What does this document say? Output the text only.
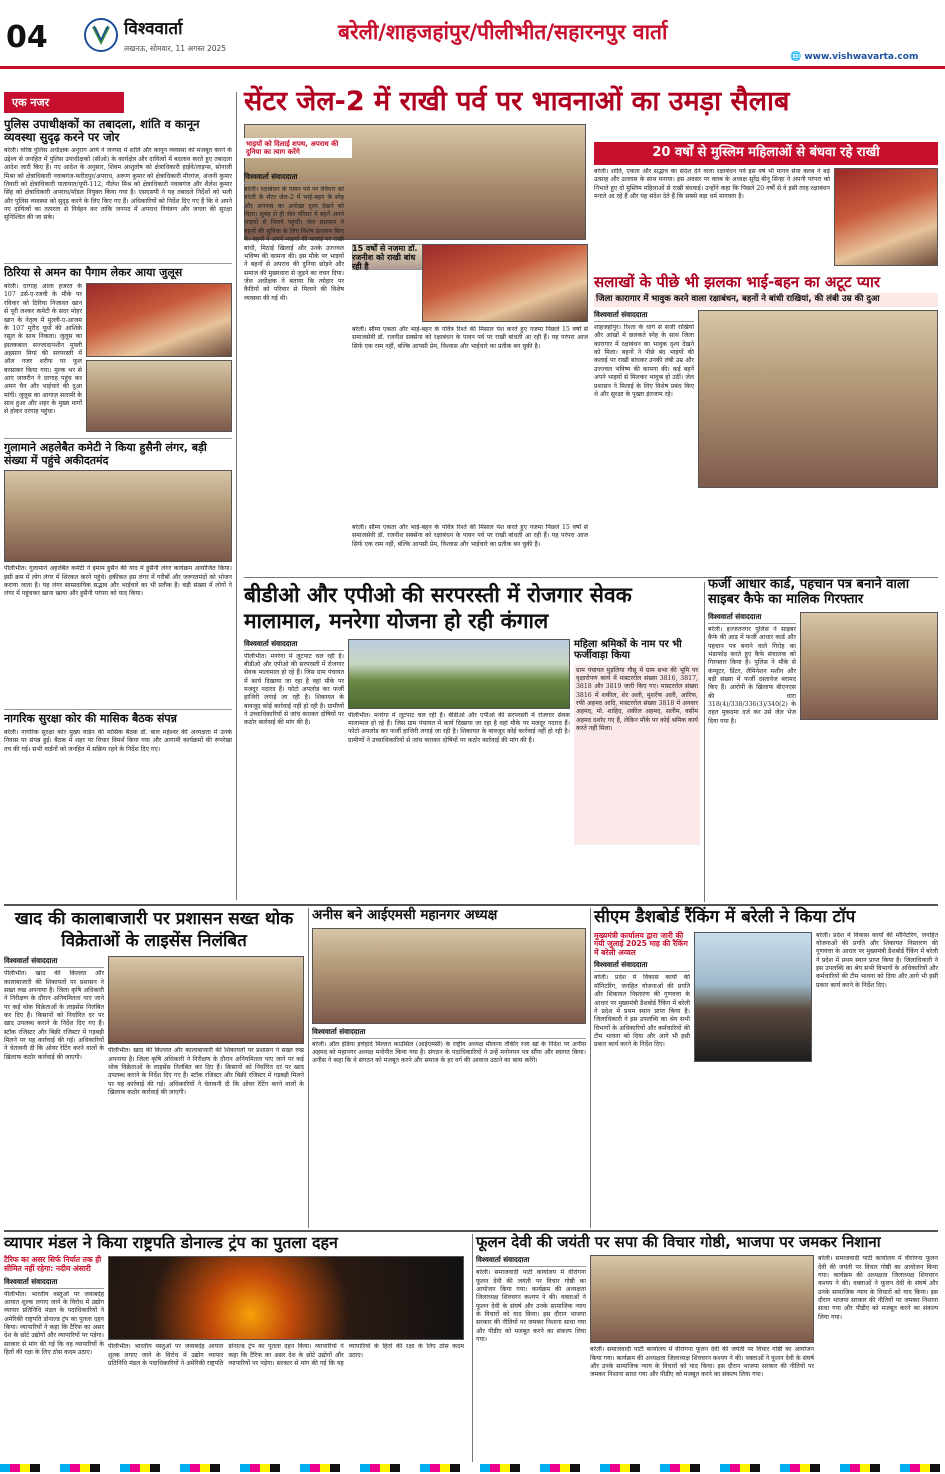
04	विश्ववार्ता
लखनऊ, सोमवार, 11 अगस्त 2025
बरेली/शाहजहांपुर/पीलीभीत/सहारनपुर वार्ता
🌐 www.vishwavarta.com
एक नजर
पुलिस उपाधीक्षकों का तबादला, शांति व कानून व्यवस्था सुदृढ़ करने पर जोर
बरेली। वरिष्ठ पुलिस अधीक्षक अनुराग आर्य ने जनपद में शांति और कानून व्यवस्था को मजबूत करने के उद्देश्य से जनहित में पुलिस उपाधीक्षकों (सीओ) के कार्यक्षेत्र और दायित्वों में बदलाव करते हुए तबादला आदेश जारी किए हैं। नए आदेश के अनुसार, शिवम आशुतोष को क्षेत्राधिकारी हाईवे/लाइन्स, सोनाली मिश्रा को क्षेत्राधिकारी नवाबगंज-फरीदपुर/अपराध, अरूण कुमार को क्षेत्राधिकारी मीरगंज, अंजनी कुमार तिवारी को क्षेत्राधिकारी यातायात/यूपी-112, नीलेश मिश्र को क्षेत्राधिकारी नवाबगंज और शैलेश कुमार सिंह को क्षेत्राधिकारी अपराध/मॉडल नियुक्त किया गया है। एसएसपी ने यह तबादले निर्देशों को भली और पुलिस व्यवस्था को सुदृढ़ करने के लिए किए गए हैं। अधिकारियों को निर्देश दिए गए हैं कि वे अपने नए दायित्वों का तत्परता से निर्वहन कर ताकि जनपद में अपराध नियंत्रण और जनता की सुरक्षा सुनिश्चित की जा सके।
ठिरिया से अमन का पैगाम लेकर आया जुलूस
बरेली। दरगाह आला हजरत के 107 उर्स-ए-रजवी के मौके पर रविवार को ठिरिया निजावत खान से पूरी लश्कर कमेटी के सदर मोहर खान के नेतृत्व में मुल्ली-ए-आजम के 107 मुरीद यूथों की आशिक़े रसूल के साथ निकला। जुलूस का इस्तकबाल सज्जादानशीन मुफ्ती अहसान मियां की सरपरस्ती में ऑल नजर शरीफ पर फूल बरसाकर किया गया। मुल्क भर से आए जायरीन ने दरगाह पहुंच कर अमन चैन और भाईचारे की दुआ मांगी। जुलूस का आगाज़ सलामी के साथ हुआ और शहर के मुख्य मार्गों से होकर दरगाह पहुंचा।
गुलामाने अहलेबैत कमेटी ने किया हुसैनी लंगर, बड़ी संख्या में पहुंचे अकीदतमंद
पीलीभीत। गुलामाने अहलेबैत कमेटी ने इमाम हुसैन की याद में हुसैनी लंगर कार्यक्रम आयोजित किया। इसी क्रम में लोग लंगर में शिरकत करने पहुंचे। हकीकत इस लंगर में गरीबों और जरूरतमंदों को भोजन कराया जाता है। यह लंगर साम्प्रदायिक सद्भाव और भाईचारे का भी प्रतीक है। बड़ी संख्या में लोगों ने लंगर में पहुंचकर खाना खाया और हुसैनी परंपरा को याद किया।
नागरिक सुरक्षा कोर की मासिक बैठक संपन्न
बरेली। नागरिक सुरक्षा कोर मुख्य वार्डन की मासिक बैठक डॉ. बाल महेश्वर की अध्यक्षता में उनके निवास पर संपन्न हुई। बैठक में शहर पर विचार विमर्श किया गया और आगामी कार्यक्रमों की रूपरेखा तय की गई। सभी वार्डनों को जनहित में सक्रिय रहने के निर्देश दिए गए।
सेंटर जेल-2 में राखी पर्व पर भावनाओं का उमड़ा सैलाब
भाइयों को दिलाई शपथ, अपराध की दुनिया का त्याग करेंगे
विश्ववार्ता संवाददाता
बरेली। रक्षाबंधन के पावन पर्व पर रविवार को बरेली के सेंटर जेल-2 में भाई-बहन के स्नेह और अपनत्व का अनोखा दृश्य देखने को मिला। सुबह से ही जेल परिसर में बहनें अपने भाइयों से मिलने पहुंचीं। जेल प्रशासन ने बहनों की सुविधा के लिए विशेष इंतजाम किए थे। बहनों ने अपने भाइयों की कलाई पर राखी बांधी, मिठाई खिलाई और उनके उज्ज्वल भविष्य की कामना की। इस मौके पर भाइयों ने बहनों से अपराध की दुनिया छोड़ने और समाज की मुख्यधारा से जुड़ने का वचन दिया। जेल अधीक्षक ने बताया कि त्योहार पर कैदियों को परिवार से मिलाने की विशेष व्यवस्था की गई थी।
15 वर्षों से नजमा डॉ. रजनीश को राखी बांध रही है
बरेली। सौम्य एकता और भाई-बहन के पवित्र रिश्ते की मिसाल पेश करते हुए नजमा पिछले 15 वर्षों से समाजसेवी डॉ. रजनीश सक्सेना को रक्षाबंधन के पावन पर्व पर राखी बांधती आ रही हैं। यह परंपरा आज सिर्फ एक रस्म नहीं, बल्कि आपसी प्रेम, विश्वास और भाईचारे का प्रतीक बन चुकी है।
बरेली। सौम्य एकता और भाई-बहन के पवित्र रिश्ते की मिसाल पेश करते हुए नजमा पिछले 15 वर्षों से समाजसेवी डॉ. रजनीश सक्सेना को रक्षाबंधन के पावन पर्व पर राखी बांधती आ रही हैं। यह परंपरा आज सिर्फ एक रस्म नहीं, बल्कि आपसी प्रेम, विश्वास और भाईचारे का प्रतीक बन चुकी है।
20 वर्षों से मुस्लिम महिलाओं से बंधवा रहे राखी
बरेली। शांति, एकता और सद्भाव का संदेश देने वाला रक्षाबंधन पर्व इस वर्ष भी मानव सेवा क्लब ने बड़े उत्साह और उल्लास के साथ मनाया। इस अवसर पर क्लब के अध्यक्ष सुरेंद्र बीनू सिन्हा ने अपनी परंपरा को निभाते हुए दो मुस्लिम महिलाओं से राखी बंधवाई। उन्होंने कहा कि पिछले 20 वर्षों से वे इसी तरह रक्षाबंधन मनाते आ रहे हैं और यह संदेश देते हैं कि सबसे बड़ा धर्म मानवता है।
सलाखों के पीछे भी झलका भाई-बहन का अटूट प्यार
जिला कारागार में भावुक करने वाला रक्षाबंधन, बहनों ने बांधी राखियां, की लंबी उम्र की दुआ
विश्ववार्ता संवाददाता
शाहजहांपुर। रिश्ता के धागे से सजी राखियों और आंखों में छलकते स्नेह के साथ जिला कारागार में रक्षाबंधन का भावुक दृश्य देखने को मिला। बहनों ने पीछे बंद भाइयों की कलाई पर राखी बांधकर उनकी लंबी उम्र और उज्ज्वल भविष्य की कामना की। कई बहनें अपने भाइयों से मिलकर भावुक हो उठीं। जेल प्रशासन ने मिलाई के लिए विशेष प्रबंध किए थे और सुरक्षा के पुख्ता इंतजाम रहे।
बीडीओ और एपीओ की सरपरस्ती में रोजगार सेवक मालामाल, मनरेगा योजना हो रही कंगाल
विश्ववार्ता संवाददाता
पीलीभीत। मनरेगा में लूटपाट चल रही है। बीडीओ और एपीओ की सरपरस्ती में रोजगार सेवक मालामाल हो रहे हैं। जिस ग्राम पंचायत में कार्य दिखाया जा रहा है वहां मौके पर मजदूर नदारद हैं। फोटो अपलोड कर फर्जी हाजिरी लगाई जा रही है। शिकायत के बावजूद कोई कार्रवाई नहीं हो रही है। ग्रामीणों ने उच्चाधिकारियों से जांच कराकर दोषियों पर कठोर कार्रवाई की मांग की है।
पीलीभीत। मनरेगा में लूटपाट चल रही है। बीडीओ और एपीओ की सरपरस्ती में रोजगार सेवक मालामाल हो रहे हैं। जिस ग्राम पंचायत में कार्य दिखाया जा रहा है वहां मौके पर मजदूर नदारद हैं। फोटो अपलोड कर फर्जी हाजिरी लगाई जा रही है। शिकायत के बावजूद कोई कार्रवाई नहीं हो रही है। ग्रामीणों ने उच्चाधिकारियों से जांच कराकर दोषियों पर कठोर कार्रवाई की मांग की है।
महिला श्रमिकों के नाम पर भी फर्जीवाड़ा किया
ग्राम पंचायत मुड़लिया गौसू में ग्राम सभा की भूमि पर वृक्षारोपण कार्य में मास्टररोल संख्या 3816, 3817, 3818 और 3819 जारी किए गए। मास्टररोल संख्या 3816 में शकील, शेर अली, मुशर्रफ अली, आरिफ, रफी अहमद आदि, मास्टररोल संख्या 3818 में अनवार अहमद, मो. शाहिद, शकील अहमद, सलीम, वसीम अहमद दर्शाए गए हैं, लेकिन मौके पर कोई श्रमिक कार्य करते नहीं मिला।
फर्जी आधार कार्ड, पहचान पत्र बनाने वाला साइबर कैफे का मालिक गिरफ्तार
विश्ववार्ता संवाददाता
बरेली। इज्जतनगर पुलिस ने साइबर कैफे की आड़ में फर्जी आधार कार्ड और पहचान पत्र बनाने वाले गिरोह का भंडाफोड़ करते हुए कैफे संचालक को गिरफ्तार किया है। पुलिस ने मौके से कंप्यूटर, प्रिंटर, लैमिनेशन मशीन और बड़ी संख्या में फर्जी दस्तावेज बरामद किए हैं। आरोपी के खिलाफ बीएनएस की धारा 318(4)/338/336(3)/340(2) के तहत मुकदमा दर्ज कर उसे जेल भेज दिया गया है।
खाद की कालाबाजारी पर प्रशासन सख्त थोक विक्रेताओं के लाइसेंस निलंबित
विश्ववार्ता संवाददाता
पीलीभीत। खाद की किल्लत और कालाबाजारी की शिकायतों पर प्रशासन ने सख्त रुख अपनाया है। जिला कृषि अधिकारी ने निरीक्षण के दौरान अनियमितता पाए जाने पर कई थोक विक्रेताओं के लाइसेंस निलंबित कर दिए हैं। किसानों को निर्धारित दर पर खाद उपलब्ध कराने के निर्देश दिए गए हैं। स्टॉक रजिस्टर और बिक्री रजिस्टर में गड़बड़ी मिलने पर यह कार्रवाई की गई। अधिकारियों ने चेतावनी दी कि ओवर रेटिंग करने वालों के खिलाफ कठोर कार्रवाई की जाएगी।
पीलीभीत। खाद की किल्लत और कालाबाजारी की शिकायतों पर प्रशासन ने सख्त रुख अपनाया है। जिला कृषि अधिकारी ने निरीक्षण के दौरान अनियमितता पाए जाने पर कई थोक विक्रेताओं के लाइसेंस निलंबित कर दिए हैं। किसानों को निर्धारित दर पर खाद उपलब्ध कराने के निर्देश दिए गए हैं। स्टॉक रजिस्टर और बिक्री रजिस्टर में गड़बड़ी मिलने पर यह कार्रवाई की गई। अधिकारियों ने चेतावनी दी कि ओवर रेटिंग करने वालों के खिलाफ कठोर कार्रवाई की जाएगी।
अनीस बने आईएमसी महानगर अध्यक्ष
विश्ववार्ता संवाददाता
बरेली। ऑल इंडिया इत्तेहादे मिल्लत काउंसिल (आईएमसी) के राष्ट्रीय अध्यक्ष मौलाना तौकीर रजा खां के निर्देश पर अनीस अहमद को महानगर अध्यक्ष मनोनीत किया गया है। संगठन के पदाधिकारियों ने उन्हें मनोनयन पत्र सौंपा और स्वागत किया। अनीस ने कहा कि वे संगठन को मजबूत करने और समाज के हर वर्ग की आवाज उठाने का काम करेंगे।
सीएम डैशबोर्ड रैंकिंग में बरेली ने किया टॉप
मुख्यमंत्री कार्यालय द्वारा जारी की गयी जुलाई 2025 माह की रैकिंग में बरेली अव्वल
विश्ववार्ता संवाददाता
बरेली। प्रदेश में विकास कार्यों की मॉनिटरिंग, जनहित योजनाओं की प्रगति और शिकायत निस्तारण की गुणवत्ता के आधार पर मुख्यमंत्री डैशबोर्ड रैंकिंग में बरेली ने प्रदेश में प्रथम स्थान प्राप्त किया है। जिलाधिकारी ने इस उपलब्धि का श्रेय सभी विभागों के अधिकारियों और कर्मचारियों की टीम भावना को दिया और आगे भी इसी प्रकार कार्य करने के निर्देश दिए।
बरेली। प्रदेश में विकास कार्यों की मॉनिटरिंग, जनहित योजनाओं की प्रगति और शिकायत निस्तारण की गुणवत्ता के आधार पर मुख्यमंत्री डैशबोर्ड रैंकिंग में बरेली ने प्रदेश में प्रथम स्थान प्राप्त किया है। जिलाधिकारी ने इस उपलब्धि का श्रेय सभी विभागों के अधिकारियों और कर्मचारियों की टीम भावना को दिया और आगे भी इसी प्रकार कार्य करने के निर्देश दिए।
व्यापार मंडल ने किया राष्ट्रपति डोनाल्ड ट्रंप का पुतला दहन
टैरिफ का असर सिर्फ निर्यात तक ही सीमित नहीं रहेगा: नदीम अंसारी
विश्ववार्ता संवाददाता
पीलीभीत। भारतीय वस्तुओं पर जवाबदेह आयात शुल्क लगाए जाने के विरोध में उद्योग व्यापार प्रतिनिधि मंडल के पदाधिकारियों ने अमेरिकी राष्ट्रपति डोनाल्ड ट्रंप का पुतला दहन किया। व्यापारियों ने कहा कि टैरिफ का असर देश के छोटे उद्योगों और व्यापारियों पर पड़ेगा। सरकार से मांग की गई कि वह व्यापारियों के हितों की रक्षा के लिए ठोस कदम उठाए।
पीलीभीत। भारतीय वस्तुओं पर जवाबदेह आयात शुल्क लगाए जाने के विरोध में उद्योग व्यापार प्रतिनिधि मंडल के पदाधिकारियों ने अमेरिकी राष्ट्रपति डोनाल्ड ट्रंप का पुतला दहन किया। व्यापारियों ने कहा कि टैरिफ का असर देश के छोटे उद्योगों और व्यापारियों पर पड़ेगा। सरकार से मांग की गई कि वह व्यापारियों के हितों की रक्षा के लिए ठोस कदम उठाए।
फूलन देवी की जयंती पर सपा की विचार गोष्ठी, भाजपा पर जमकर निशाना
विश्ववार्ता संवाददाता
बरेली। समाजवादी पार्टी कार्यालय में वीरांगना फूलन देवी की जयंती पर विचार गोष्ठी का आयोजन किया गया। कार्यक्रम की अध्यक्षता जिलाध्यक्ष शिवचरन कश्यप ने की। वक्ताओं ने फूलन देवी के संघर्ष और उनके सामाजिक न्याय के विचारों को याद किया। इस दौरान भाजपा सरकार की नीतियों पर जमकर निशाना साधा गया और पीडीए को मजबूत करने का संकल्प लिया गया।
बरेली। समाजवादी पार्टी कार्यालय में वीरांगना फूलन देवी की जयंती पर विचार गोष्ठी का आयोजन किया गया। कार्यक्रम की अध्यक्षता जिलाध्यक्ष शिवचरन कश्यप ने की। वक्ताओं ने फूलन देवी के संघर्ष और उनके सामाजिक न्याय के विचारों को याद किया। इस दौरान भाजपा सरकार की नीतियों पर जमकर निशाना साधा गया और पीडीए को मजबूत करने का संकल्प लिया गया।
बरेली। समाजवादी पार्टी कार्यालय में वीरांगना फूलन देवी की जयंती पर विचार गोष्ठी का आयोजन किया गया। कार्यक्रम की अध्यक्षता जिलाध्यक्ष शिवचरन कश्यप ने की। वक्ताओं ने फूलन देवी के संघर्ष और उनके सामाजिक न्याय के विचारों को याद किया। इस दौरान भाजपा सरकार की नीतियों पर जमकर निशाना साधा गया और पीडीए को मजबूत करने का संकल्प लिया गया।
